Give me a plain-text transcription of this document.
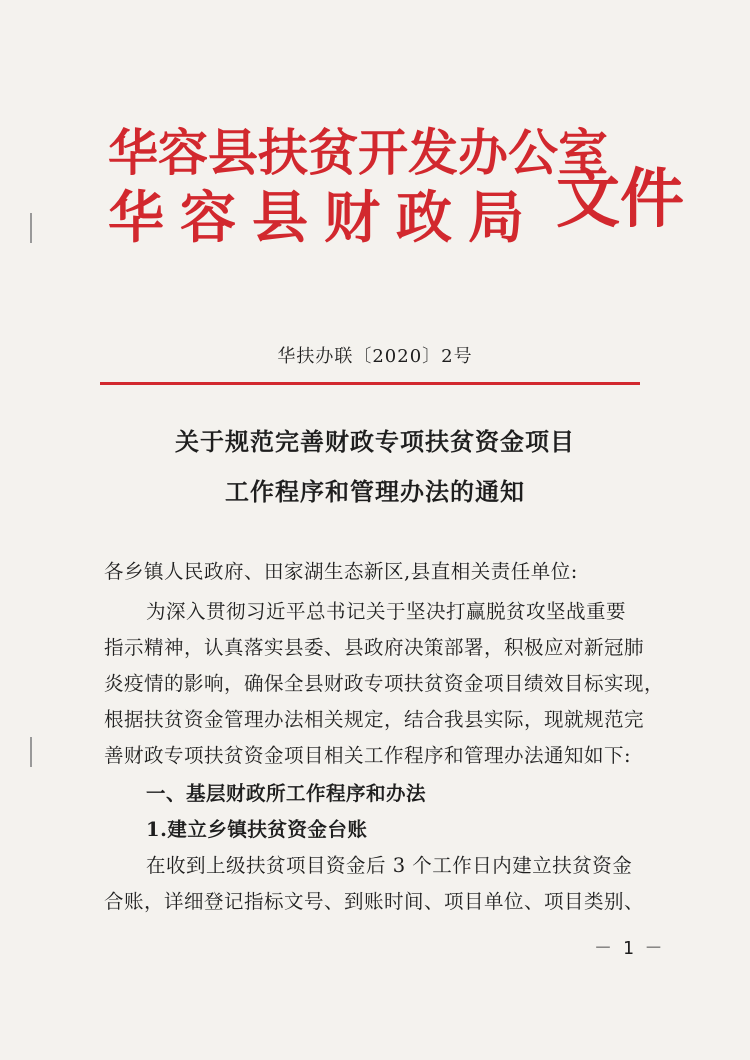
华容县扶贫开发办公室
华容县财政局 文件
华扶办联〔2020〕2号
关于规范完善财政专项扶贫资金项目
工作程序和管理办法的通知
各乡镇人民政府、田家湖生态新区,县直相关责任单位:
为深入贯彻习近平总书记关于坚决打赢脱贫攻坚战重要
指示精神，认真落实县委、县政府决策部署，积极应对新冠肺
炎疫情的影响，确保全县财政专项扶贫资金项目绩效目标实现，
根据扶贫资金管理办法相关规定，结合我县实际，现就规范完
善财政专项扶贫资金项目相关工作程序和管理办法通知如下:
一、基层财政所工作程序和办法
1.建立乡镇扶贫资金台账
在收到上级扶贫项目资金后 3 个工作日内建立扶贫资金
合账，详细登记指标文号、到账时间、项目单位、项目类别、
－ 1 －
